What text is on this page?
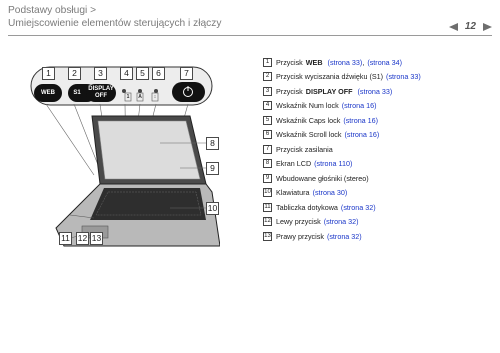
Podstawy obsługi >
Umiejscowienie elementów sterujących i złączy	12
1	2	3	4	5	6	7
8
9
10
11 12 13
WEB	S1
DISPLAY
OFF	1	A	↕
1 Przycisk WEB (strona 33) , (strona 34)
2 Przycisk wyciszania dźwięku (S1) (strona 33)
3 Przycisk DISPLAY OFF (strona 33)
4 Wskaźnik Num lock (strona 16)
5 Wskaźnik Caps lock (strona 16)
6 Wskaźnik Scroll lock (strona 16)
7 Przycisk zasilania
8 Ekran LCD (strona 110)
9 Wbudowane głośniki (stereo)
10 Klawiatura (strona 30)
11 Tabliczka dotykowa (strona 32)
12 Lewy przycisk (strona 32)
13 Prawy przycisk (strona 32)
